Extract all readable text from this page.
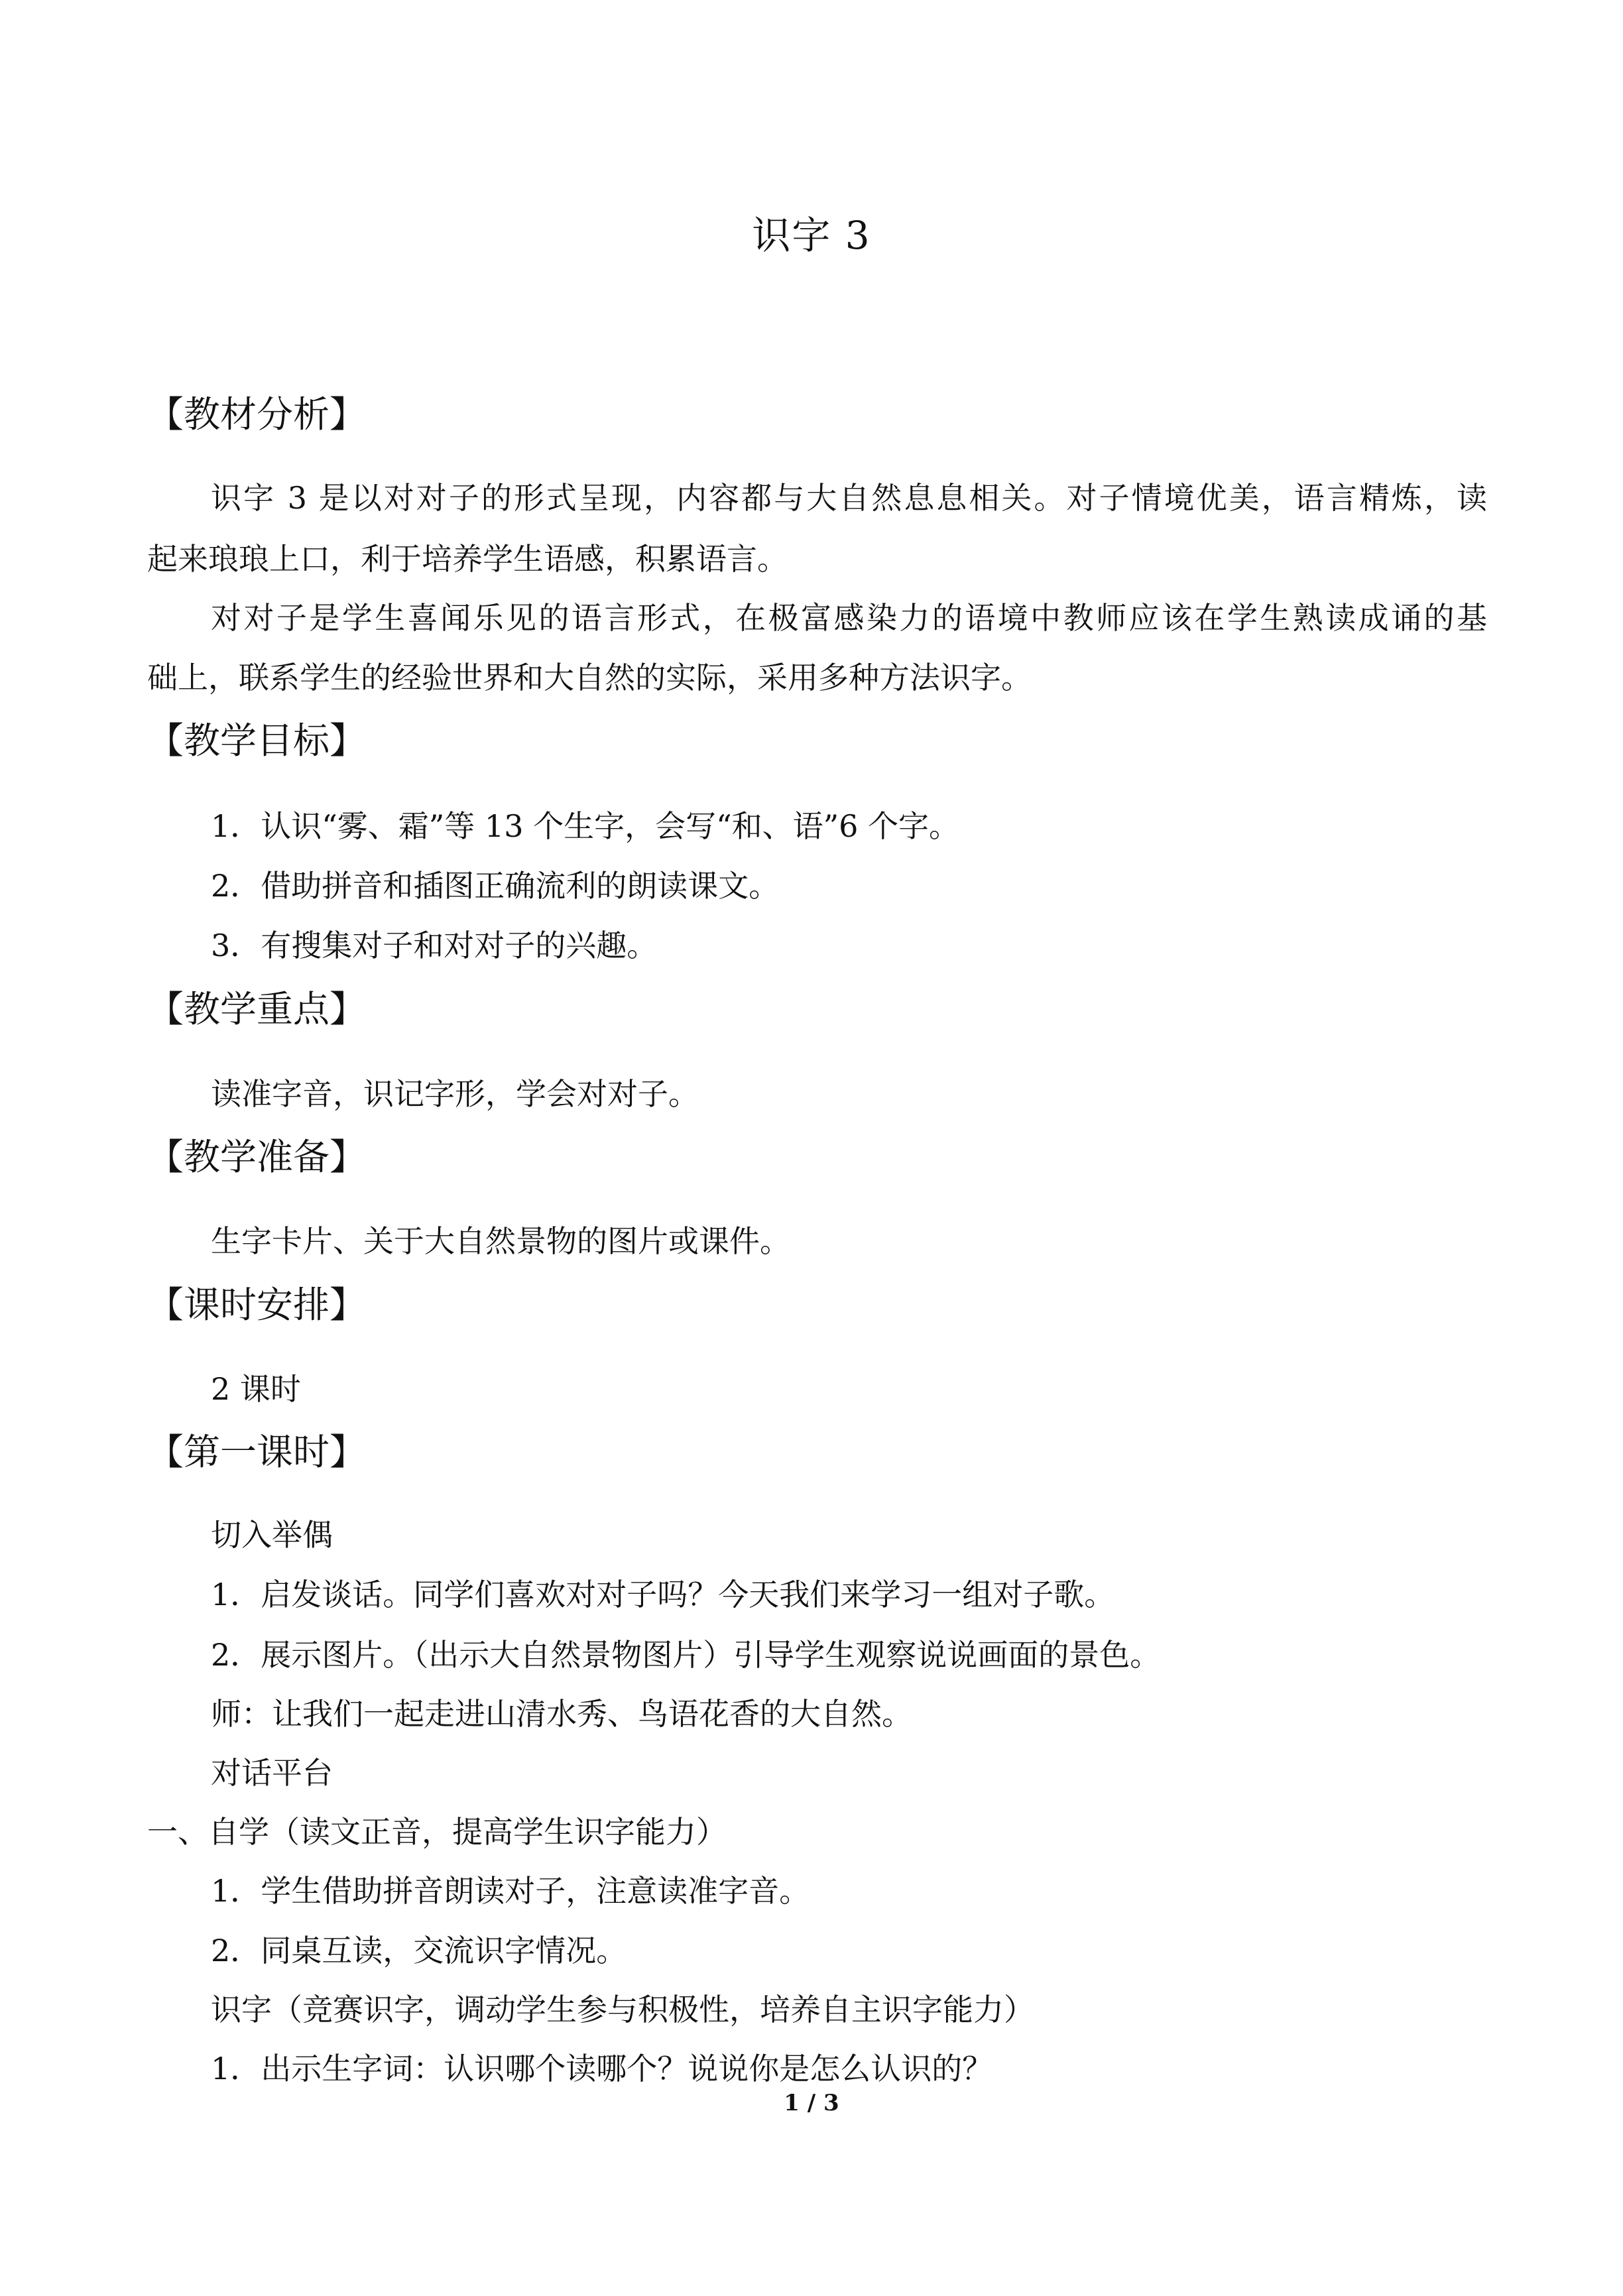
识字 3
【教材分析】
识字 3 是以对对子的形式呈现，内容都与大自然息息相关。对子情境优美，语言精炼，读
起来琅琅上口，利于培养学生语感，积累语言。
对对子是学生喜闻乐见的语言形式，在极富感染力的语境中教师应该在学生熟读成诵的基
础上，联系学生的经验世界和大自然的实际，采用多种方法识字。
【教学目标】
1．认识“雾、霜”等 13 个生字，会写“和、语”6 个字。
2．借助拼音和插图正确流利的朗读课文。
3．有搜集对子和对对子的兴趣。
【教学重点】
读准字音，识记字形，学会对对子。
【教学准备】
生字卡片、关于大自然景物的图片或课件。
【课时安排】
2 课时
【第一课时】
切入举偶
1．启发谈话。同学们喜欢对对子吗？今天我们来学习一组对子歌。
2．展示图片。（出示大自然景物图片）引导学生观察说说画面的景色。
师：让我们一起走进山清水秀、鸟语花香的大自然。
对话平台
一、自学（读文正音，提高学生识字能力）
1．学生借助拼音朗读对子，注意读准字音。
2．同桌互读，交流识字情况。
识字（竞赛识字，调动学生参与积极性，培养自主识字能力）
1．出示生字词：认识哪个读哪个？说说你是怎么认识的？
1 / 3
